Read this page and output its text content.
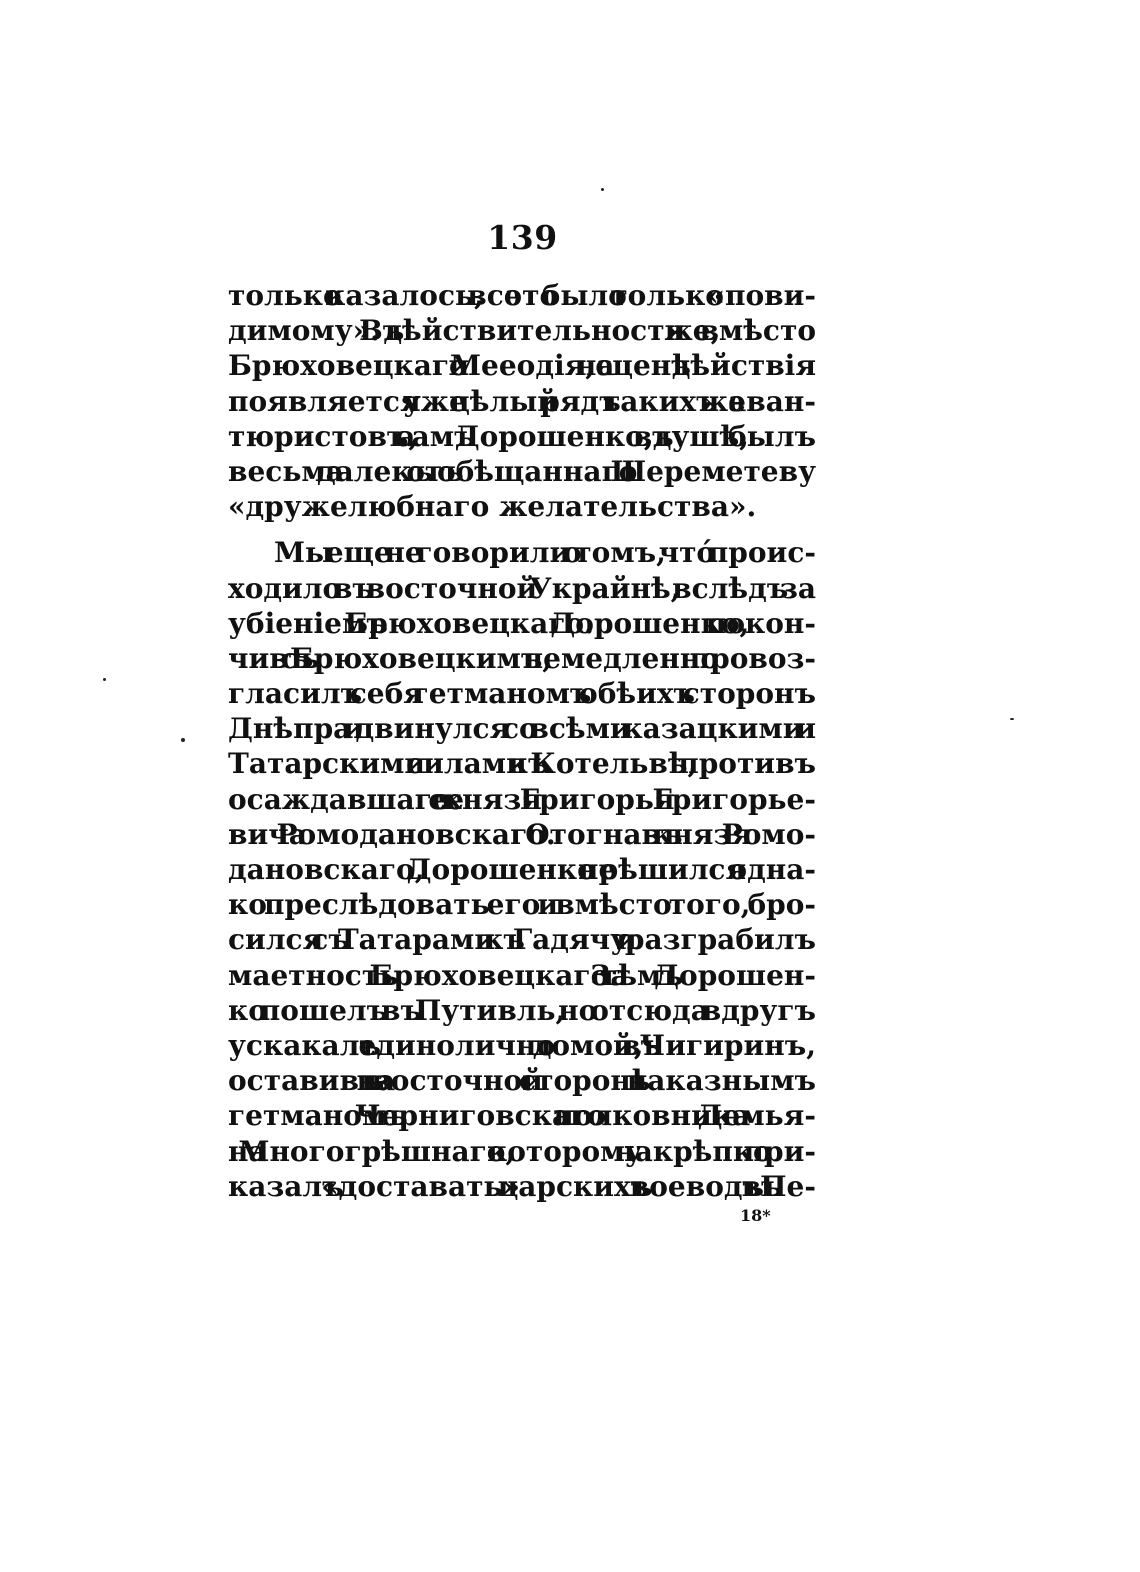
139
только казалось, все это было только «пови-
димому». Въ дѣйствительности же, вмѣсто
Брюховецкаго и Мееодія, на сценѣ дѣйствія
появляется уже цѣлый рядъ такихъ же аван-
тюристовъ, а самъ Дорошенко, въ душѣ, былъ
весьма далекъ отъ обѣщаннаго Шереметеву
«дружелюбнаго желательства».
Мы еще не говорили о томъ, что́ проис-
ходило въ восточной Украйнѣ, вслѣдъ за
убіеніемъ Брюховецкаго. Дорошенко, покон-
чивъ съ Брюховецкимъ, немедленно провоз-
гласилъ себя гетманомъ обѣихъ сторонъ
Днѣпра и двинулся со всѣми казацкими и
Татарскими силами къ Котельвѣ, противъ
осаждавшаго ее князя Григорья Григорье-
вича Ромодановскаго. Отогнавъ князя Ромо-
дановскаго, Дорошенко не рѣшился одна-
ко преслѣдовать его и вмѣсто того, бро-
сился съ Татарами къ Гадячу и разграбилъ
маетность Брюховецкаго. За тѣмъ Дорошен-
ко пошелъ въ Путивль, но отсюда вдругъ
ускакалъ единолично домой, въ Чигиринъ,
оставивъ на восточной сторонѣ наказнымъ
гетманомъ Черниговскаго полковника Демья-
на Многогрѣшнаго, которому накрѣпко при-
казалъ «доставать» царскихъ воеводъ въ Пе-
18*
